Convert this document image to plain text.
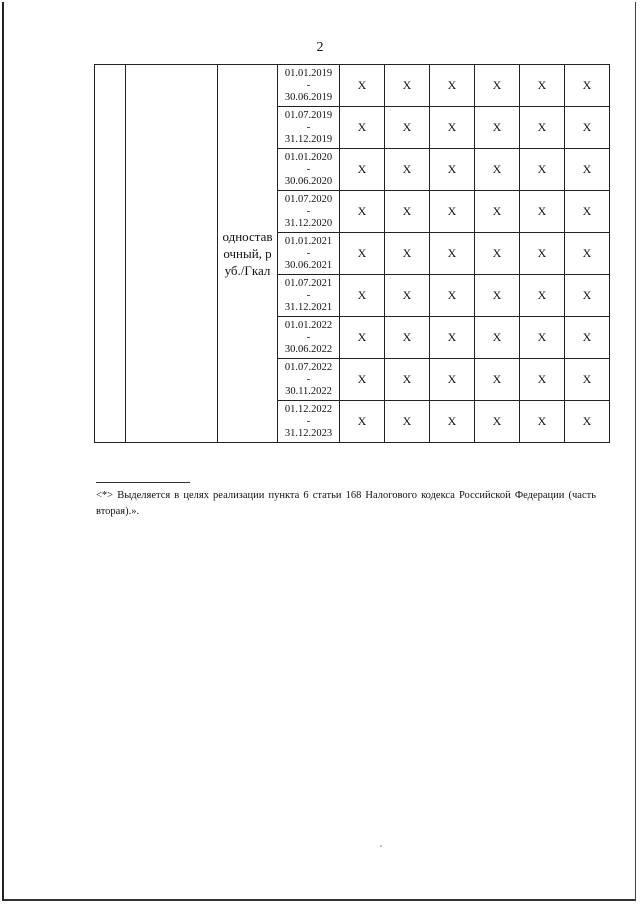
2
		одноставочный, руб./Гкал	01.01.2019
-
30.06.2019	X	X	X	X	X	X

			01.07.2019
-
31.12.2019	X	X	X	X	X	X

			01.01.2020
-
30.06.2020	X	X	X	X	X	X

			01.07.2020
-
31.12.2020	X	X	X	X	X	X

			01.01.2021
-
30.06.2021	X	X	X	X	X	X

			01.07.2021
-
31.12.2021	X	X	X	X	X	X

			01.01.2022
-
30.06.2022	X	X	X	X	X	X

			01.07.2022
-
30.11.2022	X	X	X	X	X	X

			01.12.2022
-
31.12.2023	X	X	X	X	X	X
<*> Выделяется в целях реализации пункта 6 статьи 168 Налогового кодекса Российской Федерации (часть вторая).».
